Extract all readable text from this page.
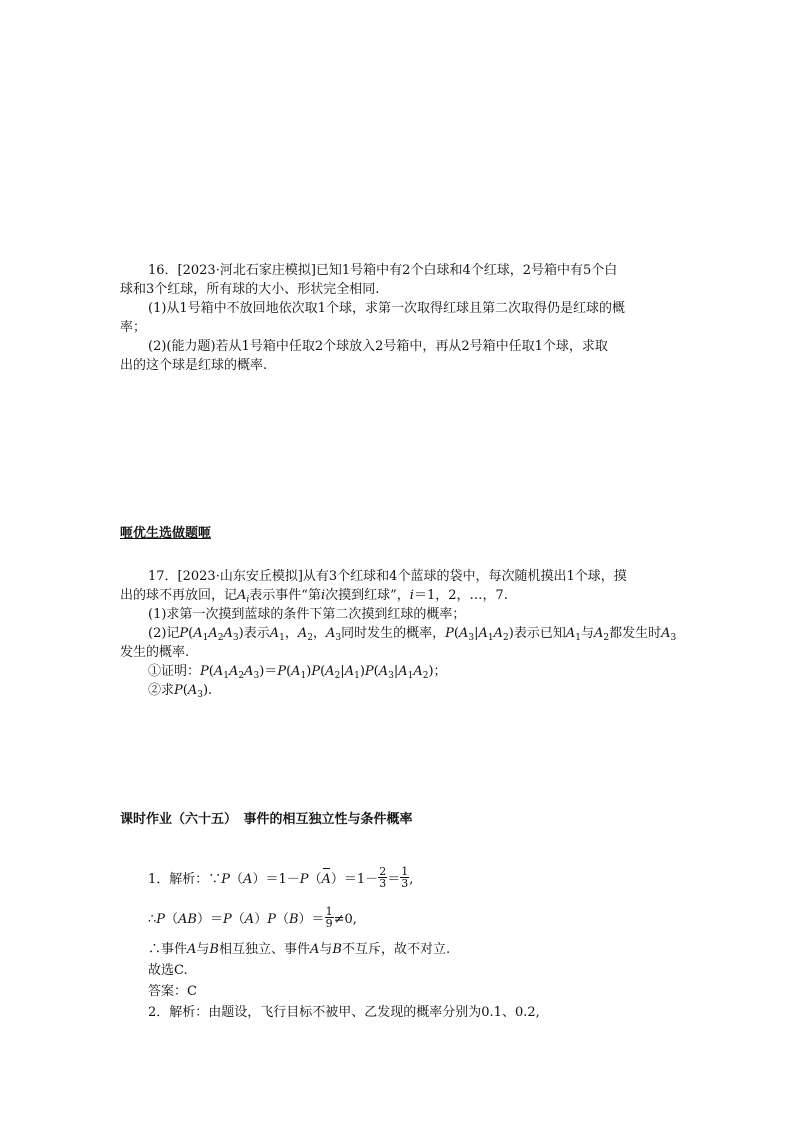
16．[2023·河北石家庄模拟]已知1号箱中有2个白球和4个红球，2号箱中有5个白
球和3个红球，所有球的大小、形状完全相同.
(1)从1号箱中不放回地依次取1个球，求第一次取得红球且第二次取得仍是红球的概
率；
(2)(能力题)若从1号箱中任取2个球放入2号箱中，再从2号箱中任取1个球，求取
出的这个球是红球的概率.
咂优生选做题咂
17．[2023·山东安丘模拟]从有3个红球和4个蓝球的袋中，每次随机摸出1个球，摸
出的球不再放回，记$A_i$表示事件“第i次摸到红球”，i＝1，2，…，7.
(1)求第一次摸到蓝球的条件下第二次摸到红球的概率；
(2)记$P(A_1A_2A_3)$表示$A_1$，$A_2$，$A_3$同时发生的概率，$P(A_3|A_1A_2)$表示已知$A_1$与$A_2$都发生时$A_3$
发生的概率.
①证明：$P(A_1A_2A_3)=P(A_1)P(A_2|A_1)P(A_3|A_1A_2)$；
②求$P(A_3)$.
课时作业（六十五）　事件的相互独立性与条件概率
1．解析：∵P（A）＝1－P（A）＝1－ $\frac{2}{3} = \frac{1}{3}$ ,
∴P（AB）＝P（A）P（B）＝ $\frac{1}{9} \ne 0$,
∴事件A与B相互独立、事件A与B不互斥，故不对立.
故选C.
答案：C
2．解析：由题设，飞行目标不被甲、乙发现的概率分别为0.1、0.2,
